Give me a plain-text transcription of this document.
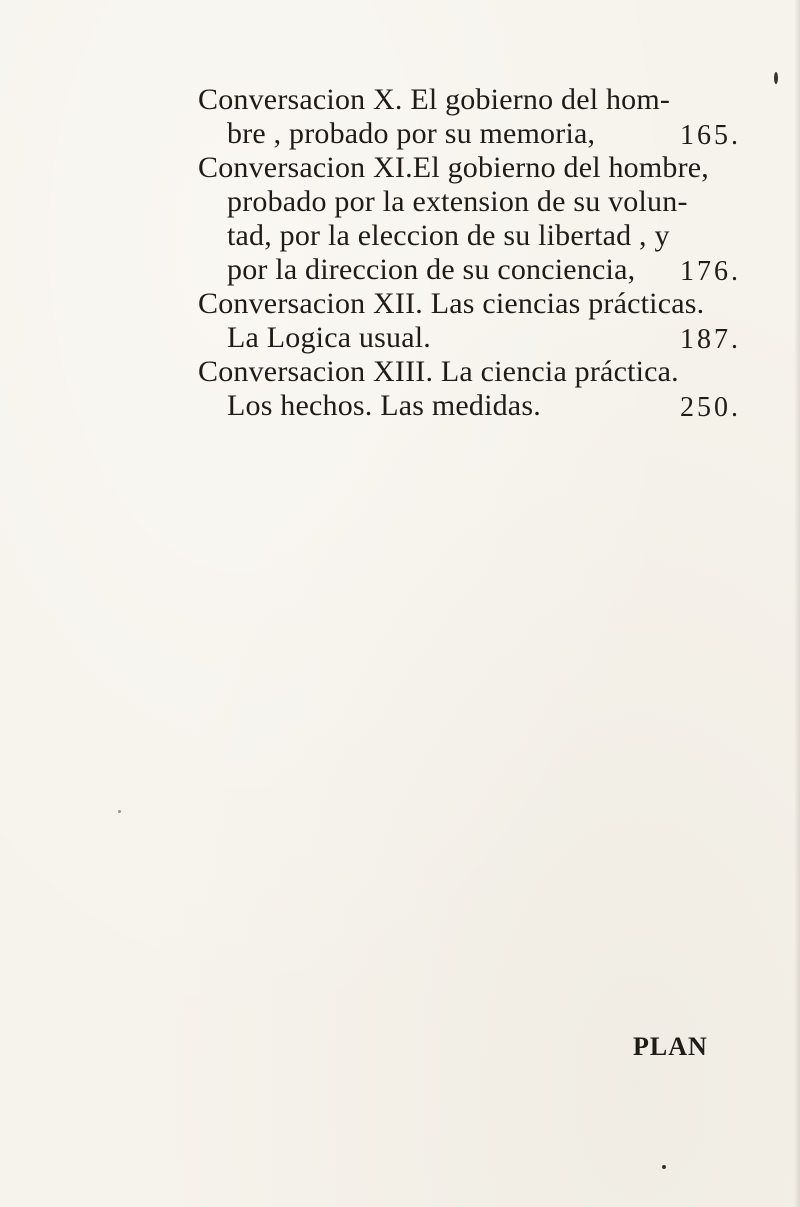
Conversacion X. El gobierno del hom-
bre , probado por su memoria,	165.
Conversacion XI.El gobierno del hombre,
probado por la extension de su volun-
tad, por la eleccion de su libertad , y
por la direccion de su conciencia, 176.
Conversacion XII. Las ciencias prácticas.
La Logica usual.	187.
Conversacion XIII. La ciencia práctica.
Los hechos. Las medidas.	250.
PLAN
